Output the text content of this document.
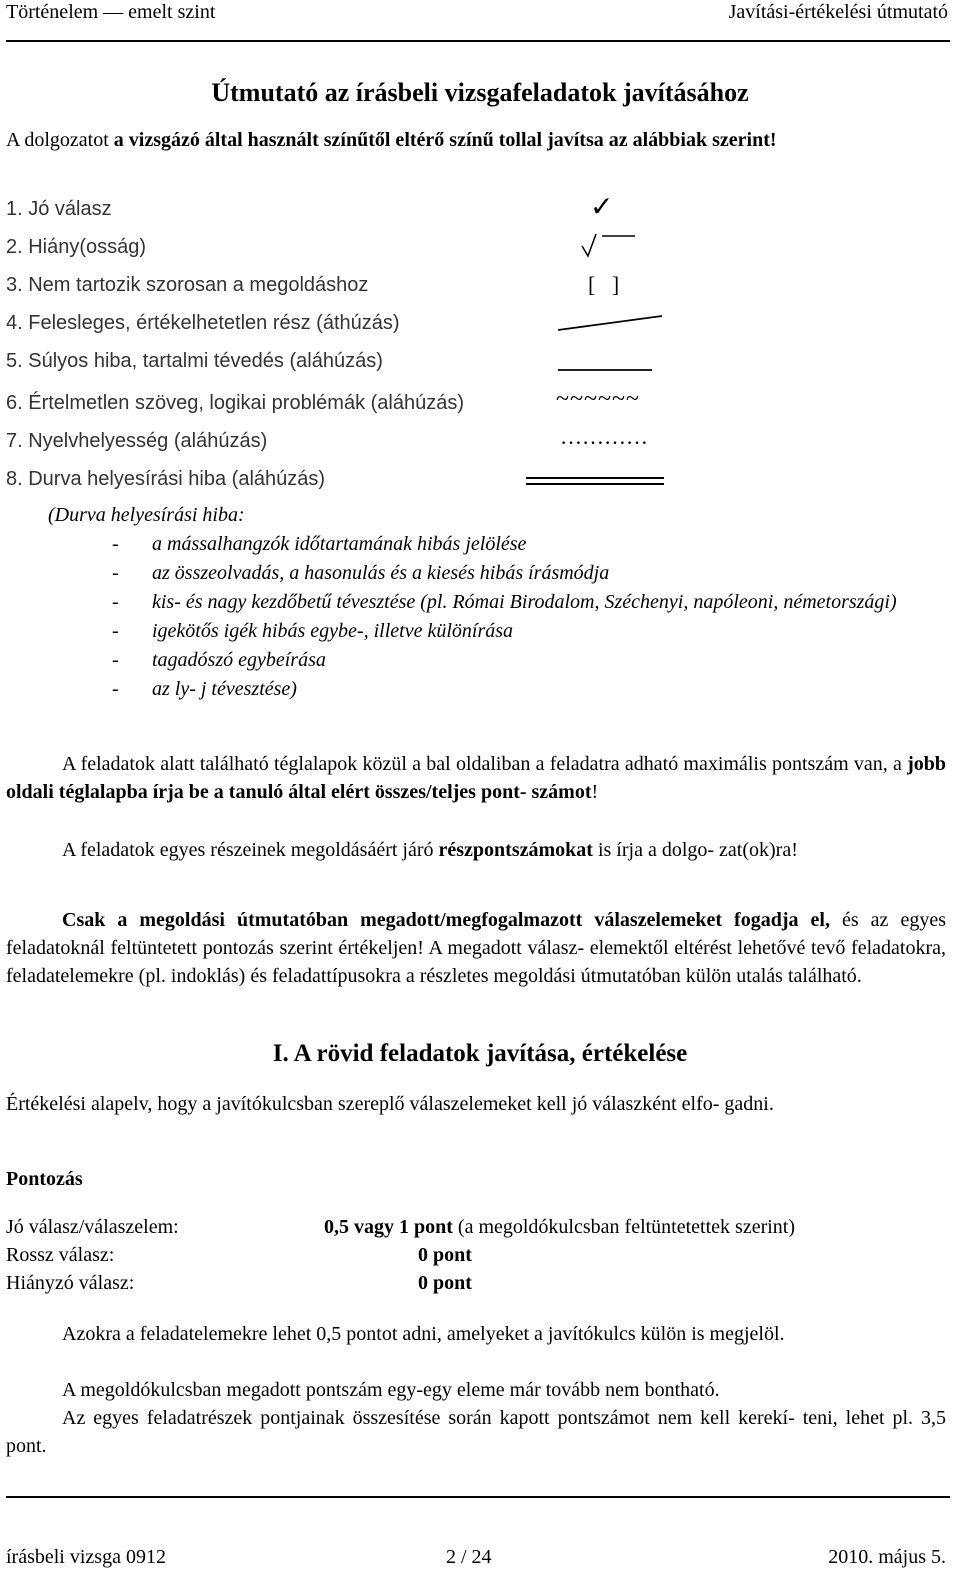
Történelem — emelt szint	Javítási-értékelési útmutató
Útmutató az írásbeli vizsgafeladatok javításához
A dolgozatot a vizsgázó által használt színűtől eltérő színű tollal javítsa az alábbiak szerint!
1. Jó válasz	✓
2. Hiány(osság)
3. Nem tartozik szorosan a megoldáshoz	[   ]
4. Felesleges, értékelhetetlen rész (áthúzás)
5. Súlyos hiba, tartalmi tévedés (aláhúzás)
6. Értelmetlen szöveg, logikai problémák (aláhúzás)	~~~~~~
7. Nyelvhelyesség (aláhúzás)	…………
8. Durva helyesírási hiba (aláhúzás)
(Durva helyesírási hiba:
- a mássalhangzók időtartamának hibás jelölése
- az összeolvadás, a hasonulás és a kiesés hibás írásmódja
- kis- és nagy kezdőbetű tévesztése (pl. Római Birodalom, Széchenyi, napóleoni, németországi)
- igekötős igék hibás egybe-, illetve különírása
- tagadószó egybeírása
- az ly- j tévesztése)
A feladatok alatt található téglalapok közül a bal oldaliban a feladatra adható maximális pontszám van, a jobb oldali téglalapba írja be a tanuló által elért összes/teljes pont- számot!
A feladatok egyes részeinek megoldásáért járó részpontszámokat is írja a dolgo- zat(ok)ra!
Csak a megoldási útmutatóban megadott/megfogalmazott válaszelemeket fogadja el, és az egyes feladatoknál feltüntetett pontozás szerint értékeljen! A megadott válasz- elemektől eltérést lehetővé tevő feladatokra, feladatelemekre (pl. indoklás) és feladattípusokra a részletes megoldási útmutatóban külön utalás található.
I. A rövid feladatok javítása, értékelése
Értékelési alapelv, hogy a javítókulcsban szereplő válaszelemeket kell jó válaszként elfo- gadni.
Pontozás
Jó válasz/válaszelem:	0,5 vagy 1 pont (a megoldókulcsban feltüntetettek szerint)
Rossz válasz:	0 pont
Hiányzó válasz:	0 pont
Azokra a feladatelemekre lehet 0,5 pontot adni, amelyeket a javítókulcs külön is megjelöl.
A megoldókulcsban megadott pontszám egy-egy eleme már tovább nem bontható.
Az egyes feladatrészek pontjainak összesítése során kapott pontszámot nem kell kerekí- teni, lehet pl. 3,5 pont.
írásbeli vizsga 0912	2 / 24	2010. május 5.
